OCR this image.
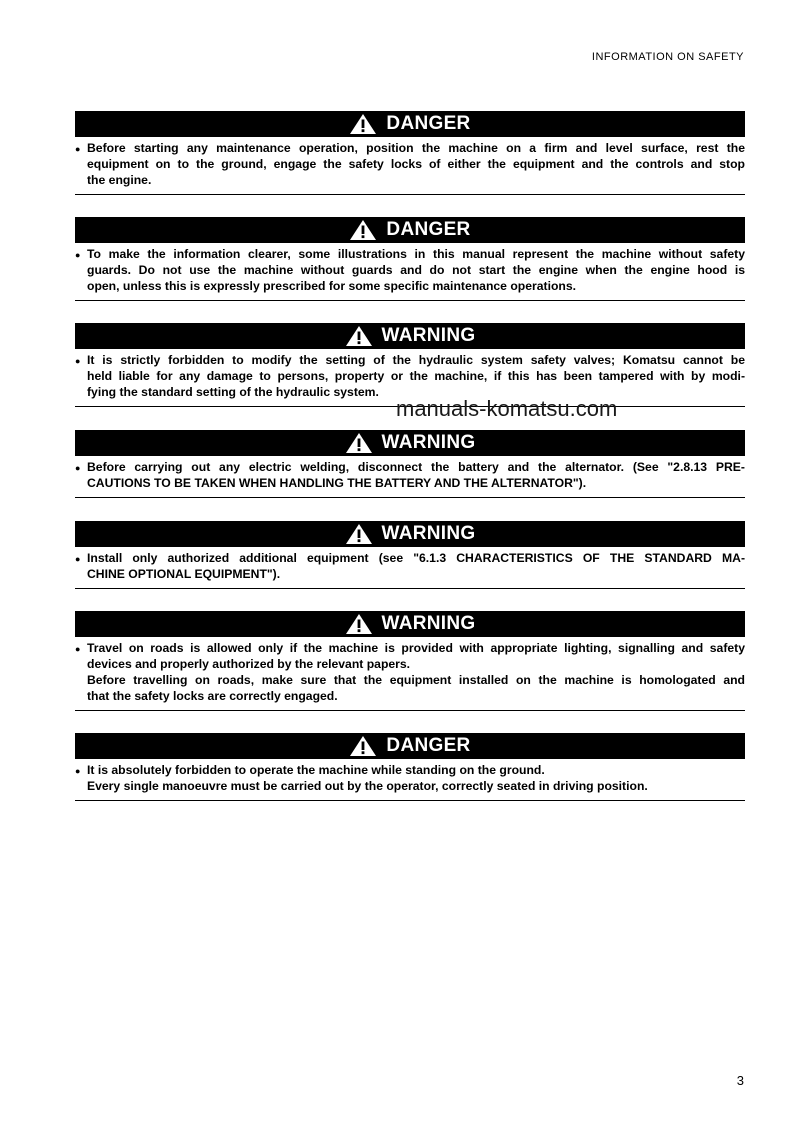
INFORMATION ON SAFETY
DANGER
● Before starting any maintenance operation, position the machine on a firm and level surface, rest the
equipment on to the ground, engage the safety locks of either the equipment and the controls and stop
the engine.
DANGER
● To make the information clearer, some illustrations in this manual represent the machine without safety
guards. Do not use the machine without guards and do not start the engine when the engine hood is
open, unless this is expressly prescribed for some specific maintenance operations.
WARNING
● It is strictly forbidden to modify the setting of the hydraulic system safety valves; Komatsu cannot be
held liable for any damage to persons, property or the machine, if this has been tampered with by modi-
fying the standard setting of the hydraulic system.
WARNING
● Before carrying out any electric welding, disconnect the battery and the alternator. (See "2.8.13 PRE-
CAUTIONS TO BE TAKEN WHEN HANDLING THE BATTERY AND THE ALTERNATOR").
WARNING
● Install only authorized additional equipment (see "6.1.3 CHARACTERISTICS OF THE STANDARD MA-
CHINE OPTIONAL EQUIPMENT").
WARNING
● Travel on roads is allowed only if the machine is provided with appropriate lighting, signalling and safety
devices and properly authorized by the relevant papers.
Before travelling on roads, make sure that the equipment installed on the machine is homologated and
that the safety locks are correctly engaged.
DANGER
● It is absolutely forbidden to operate the machine while standing on the ground.
Every single manoeuvre must be carried out by the operator, correctly seated in driving position.
manuals-komatsu.com
3
